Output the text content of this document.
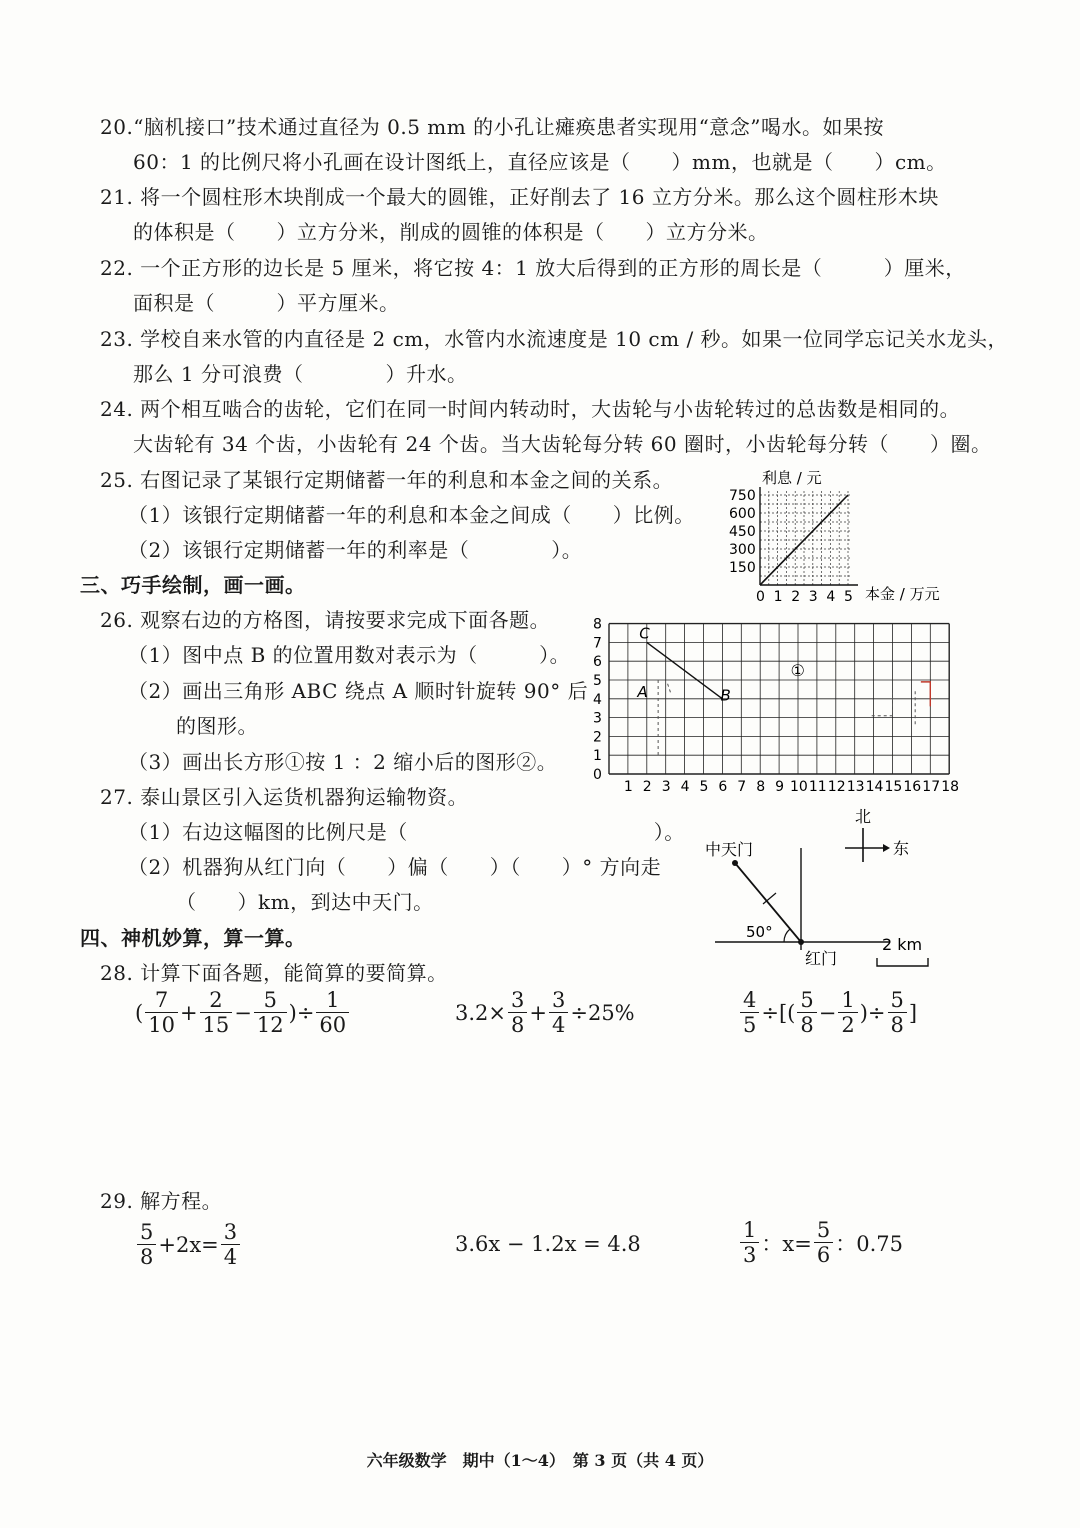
20.“脑机接口”技术通过直径为 0.5 mm 的小孔让瘫痪患者实现用“意念”喝水。如果按
60：1 的比例尺将小孔画在设计图纸上，直径应该是（　　）mm，也就是（　　）cm。
21. 将一个圆柱形木块削成一个最大的圆锥，正好削去了 16 立方分米。那么这个圆柱形木块
的体积是（　　）立方分米，削成的圆锥的体积是（　　）立方分米。
22. 一个正方形的边长是 5 厘米，将它按 4：1 放大后得到的正方形的周长是（　　　）厘米，
面积是（　　　）平方厘米。
23. 学校自来水管的内直径是 2 cm，水管内水流速度是 10 cm / 秒。如果一位同学忘记关水龙头，
那么 1 分可浪费（　　　　）升水。
24. 两个相互啮合的齿轮，它们在同一时间内转动时，大齿轮与小齿轮转过的总齿数是相同的。
大齿轮有 34 个齿，小齿轮有 24 个齿。当大齿轮每分转 60 圈时，小齿轮每分转（　　）圈。
25. 右图记录了某银行定期储蓄一年的利息和本金之间的关系。
（1）该银行定期储蓄一年的利息和本金之间成（　　）比例。
（2）该银行定期储蓄一年的利率是（　　　　）。
三、巧手绘制，画一画。
26. 观察右边的方格图，请按要求完成下面各题。
（1）图中点 B 的位置用数对表示为（　　　）。
（2）画出三角形 ABC 绕点 A 顺时针旋转 90° 后
的图形。
（3）画出长方形①按 1 ：2 缩小后的图形②。
27. 泰山景区引入运货机器狗运输物资。
（1）右边这幅图的比例尺是（　　　　　　　　　　　　）。
（2）机器狗从红门向（　　）偏（　　）（　　）° 方向走
（　　）km，到达中天门。
四、神机妙算，算一算。
28. 计算下面各题，能简算的要简算。
29. 解方程。
( $\frac{7}{10} + \frac{2}{15} - \frac{5}{12}$ )÷ $\frac{1}{60}$	$3.2\times \frac{3}{8} + \frac{3}{4} \div 25\%$	$\frac{4}{5}$ ÷[( $\frac{5}{8} - \frac{1}{2}$ )÷ $\frac{5}{8}$ ]
$\frac{5}{8} +2x= \frac{3}{4}$	3.6x − 1.2x = 4.8	$\frac{1}{3}$ ：$x= \frac{5}{6}$ ：0.75
利息 / 元
本金 / 万元
0 1 2 3 4 5
150
300
450
600
750
1 2 3 4 5 6 7 8 9 10 11 12 13 14 15 16 17 18
0
1
2
3
4
5
6
7
8
A	B
C
①
北
东
中天门
50°
红门
2 km
六年级数学　期中（1～4）　第 3 页（共 4 页）
